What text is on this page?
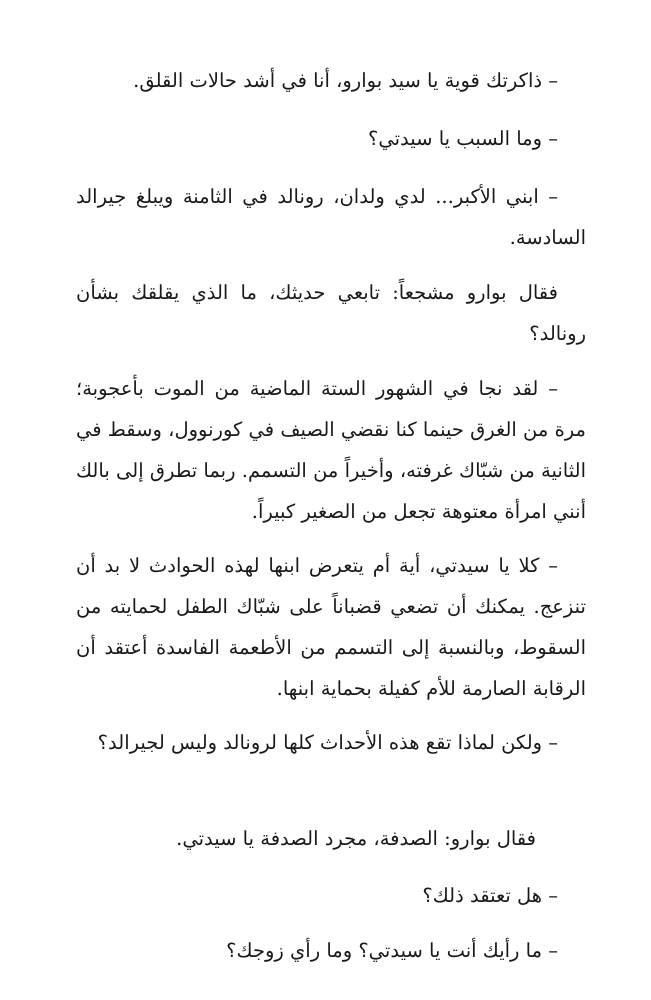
– ذاكرتك قوية يا سيد بوارو، أنا في أشد حالات القلق.

– وما السبب يا سيدتي؟

– ابني الأكبر... لدي ولدان، رونالد في الثامنة ويبلغ جيرالد السادسة.

فقال بوارو مشجعاً: تابعي حديثك، ما الذي يقلقك بشأن رونالد؟

– لقد نجا في الشهور الستة الماضية من الموت بأعجوبة؛ مرة من الغرق حينما كنا نقضي الصيف في كورنوول، وسقط في الثانية من شبّاك غرفته، وأخيراً من التسمم. ربما تطرق إلى بالك أنني امرأة معتوهة تجعل من الصغير كبيراً.

– كلا يا سيدتي، أية أم يتعرض ابنها لهذه الحوادث لا بد أن تنزعج. يمكنك أن تضعي قضباناً على شبّاك الطفل لحمايته من السقوط، وبالنسبة إلى التسمم من الأطعمة الفاسدة أعتقد أن الرقابة الصارمة للأم كفيلة بحماية ابنها.

– ولكن لماذا تقع هذه الأحداث كلها لرونالد وليس لجيرالد؟

فقال بوارو: الصدفة، مجرد الصدفة يا سيدتي.

– هل تعتقد ذلك؟

– ما رأيك أنت يا سيدتي؟ وما رأي زوجك؟
